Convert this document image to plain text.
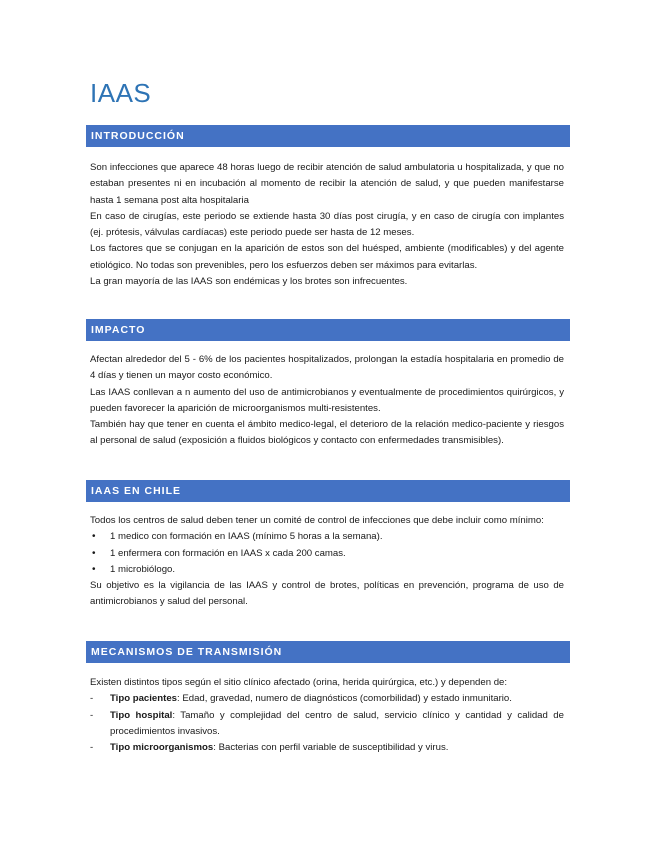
IAAS
INTRODUCCIÓN

Son infecciones que aparece 48 horas luego de recibir atención de salud ambulatoria u hospitalizada, y que no estaban presentes ni en incubación al momento de recibir la atención de salud, y que pueden manifestarse hasta 1 semana post alta hospitalaria

En caso de cirugías, este periodo se extiende hasta 30 días post cirugía, y en caso de cirugía con implantes (ej. prótesis, válvulas cardíacas) este periodo puede ser hasta de 12 meses.

Los factores que se conjugan en la aparición de estos son del huésped, ambiente (modificables) y del agente etiológico. No todas son prevenibles, pero los esfuerzos deben ser máximos para evitarlas.

La gran mayoría de las IAAS son endémicas y los brotes son infrecuentes.

IMPACTO

Afectan alrededor del 5 - 6% de los pacientes hospitalizados, prolongan la estadía hospitalaria en promedio de 4 días y tienen un mayor costo económico.

Las IAAS conllevan a n aumento del uso de antimicrobianos y eventualmente de procedimientos quirúrgicos, y pueden favorecer la aparición de microorganismos multi-resistentes.

También hay que tener en cuenta el ámbito medico-legal, el deterioro de la relación medico-paciente y riesgos al personal de salud (exposición a fluidos biológicos y contacto con enfermedades transmisibles).

IAAS EN CHILE

Todos los centros de salud deben tener un comité de control de infecciones que debe incluir como mínimo:

• 1 medico con formación en IAAS (mínimo 5 horas a la semana).
• 1 enfermera con formación en IAAS x cada 200 camas.
• 1 microbiólogo.

Su objetivo es la vigilancia de las IAAS y control de brotes, políticas en prevención, programa de uso de antimicrobianos y salud del personal.

MECANISMOS DE TRANSMISIÓN

Existen distintos tipos según el sitio clínico afectado (orina, herida quirúrgica, etc.) y dependen de:

- Tipo pacientes: Edad, gravedad, numero de diagnósticos (comorbilidad) y estado inmunitario.
- Tipo hospital: Tamaño y complejidad del centro de salud, servicio clínico y cantidad y calidad de procedimientos invasivos.
- Tipo microorganismos: Bacterias con perfil variable de susceptibilidad y virus.
